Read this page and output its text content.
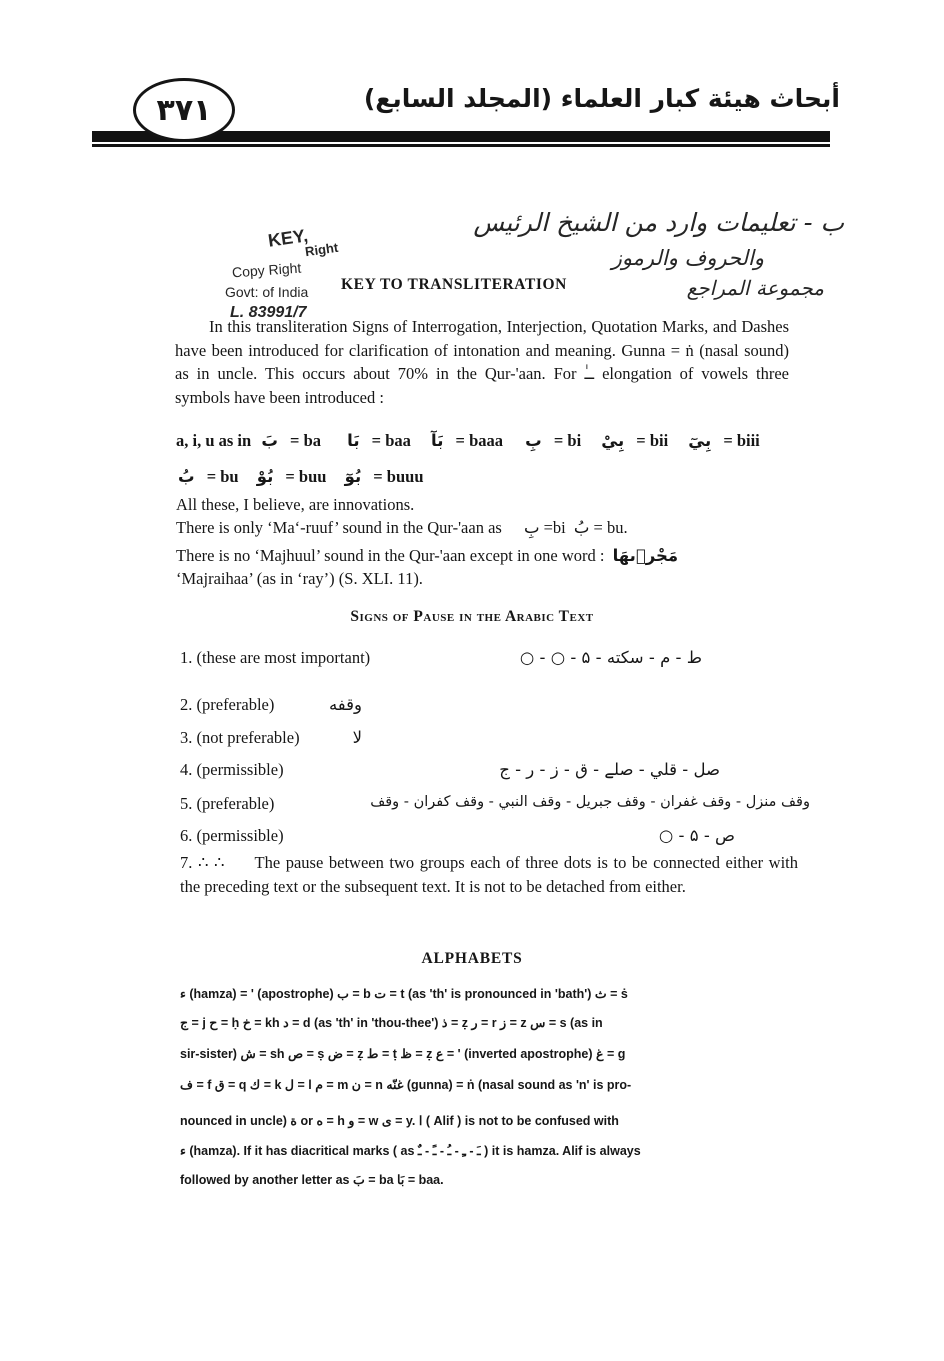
٣٧١	أبحاث هيئة كبار العلماء (المجلد السابع)
ب - تعليمات وارد من الشيخ الرئيس
والحروف والرموز
مجموعة المراجع
KEY,
Right
Copy Right
Govt: of India
L. 83991/7
KEY TO TRANSLITERATION
In this transliteration Signs of Interrogation, Interjection, Quotation Marks, and Dashes have been introduced for clarification of intonation and meaning. Gunna = ṅ (nasal sound) as in uncle. This occurs about 70% in the Qur-'aan. For ــٰ elongation of vowels three symbols have been introduced :
a, i, u as in بَ = ba بَا = baa بَآ = baaa بِ = bi بِيْ = bii بِيٓ = biii
بُ = bu بُوْ = buu بُوٓ = buuu
All these, I believe, are innovations.
There is only ‘Ma‘-ruuf’ sound in the Qur-'aan as بِ =bi بُ = bu.
There is no ‘Majhuul’ sound in the Qur-'aan except in one word : مَجْرٖىهَا
‘Majraihaa’ (as in ‘ray’) (S. XLI. 11).
Signs of Pause in the Arabic Text
1. (these are most important)	ط - م - سكته - ۵ - ○ - ○
2. (preferable)	وقفه
3. (not preferable)	لا
4. (permissible)	صل - قلي - صلے - ق - ز - ر - ج
5. (preferable)	وقف منزل - وقف غفران - وقف جبريل - وقف النبي - وقف كفران - وقف
6. (permissible)	ص - ۵ - ○
7. ∴ ∴ The pause between two groups each of three dots is to be connected either with the preceding text or the subsequent text. It is not to be detached from either.
ALPHABETS
ء (hamza) = ' (apostrophe) ب = b ت = t (as 'th' is pronounced in 'bath') ث = ṡ
ج = j ح = ḥ خ = kh د = d (as 'th' in 'thou-thee') ذ = ẓ ر = r ز = z س = s (as in
sir-sister) ش = sh ص = ṣ ض = ẓ ط = ṭ ظ = ẓ ع = ' (inverted apostrophe) غ = g
ف = f ق = q ك = k ل = l م = m ن = n غنّه (gunna) = ṅ (nasal sound as 'n' is pro-
nounced in uncle) ة or ه = h و = w ى = y. ا ( Alif ) is not to be confused with
ء (hamza). If it has diacritical marks ( as ـَ - ـِ - ـُ - ـً - ـٌ ) it is hamza. Alif is always
followed by another letter as بَ = ba بَا = baa.
